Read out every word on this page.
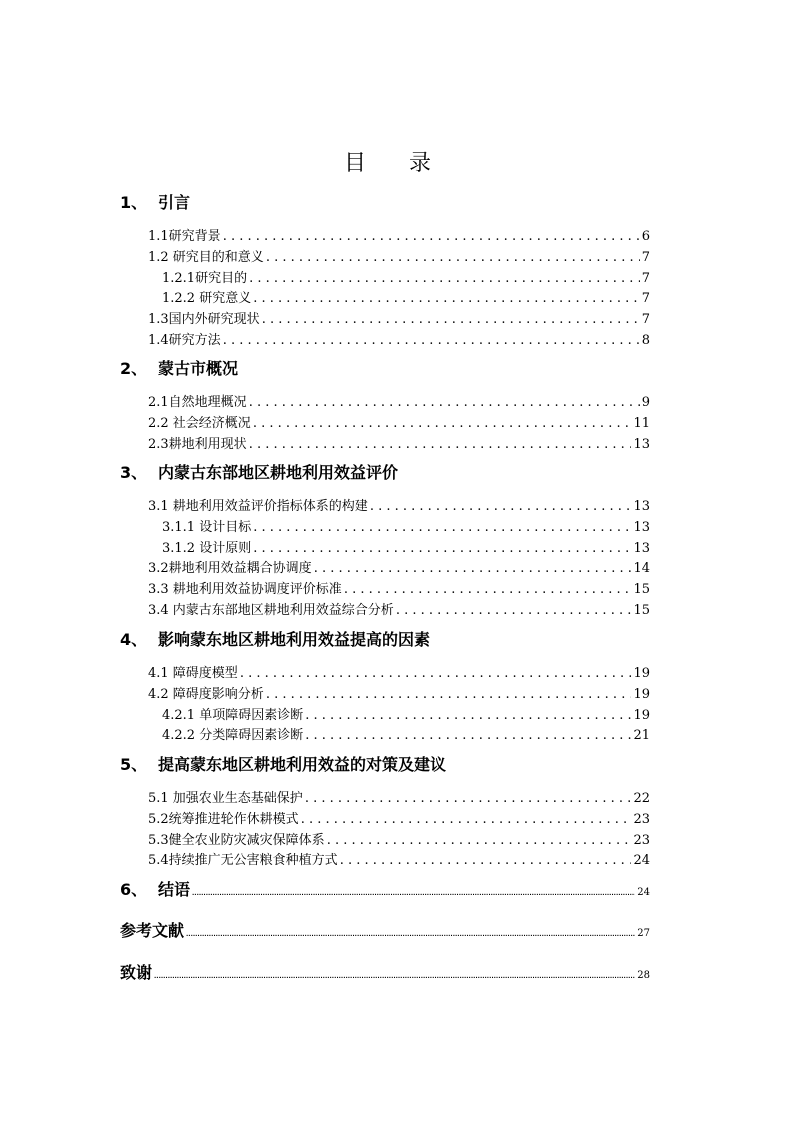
目 录
1、 引言
1.1研究背景 . . .	6
1.2 研究目的和意义 . . .	7
1.2.1研究目的 . . .	7
1.2.2 研究意义 . . .	7
1.3国内外研究现状 . . .	7
1.4研究方法 . . .	8
2、 蒙古市概况
2.1自然地理概况 . . .	9
2.2 社会经济概况 . . .	11
2.3耕地利用现状 . . .	13
3、 内蒙古东部地区耕地利用效益评价
3.1 耕地利用效益评价指标体系的构建 . . .	13
3.1.1 设计目标 . . .	13
3.1.2 设计原则 . . .	13
3.2耕地利用效益耦合协调度 . . .	14
3.3 耕地利用效益协调度评价标准 . . .	15
3.4 内蒙古东部地区耕地利用效益综合分析 . . .	15
4、 影响蒙东地区耕地利用效益提高的因素
4.1 障碍度模型 . . .	19
4.2 障碍度影响分析 . . .	19
4.2.1 单项障碍因素诊断 . . .	19
4.2.2 分类障碍因素诊断 . . .	21
5、 提高蒙东地区耕地利用效益的对策及建议
5.1 加强农业生态基础保护 . . .	22
5.2统筹推进轮作休耕模式 . . .	23
5.3健全农业防灾减灾保障体系 . . .	23
5.4持续推广无公害粮食种植方式 . . .	24
6、 结语 .....	24
参考文献 .....	27
致谢 .....	28
